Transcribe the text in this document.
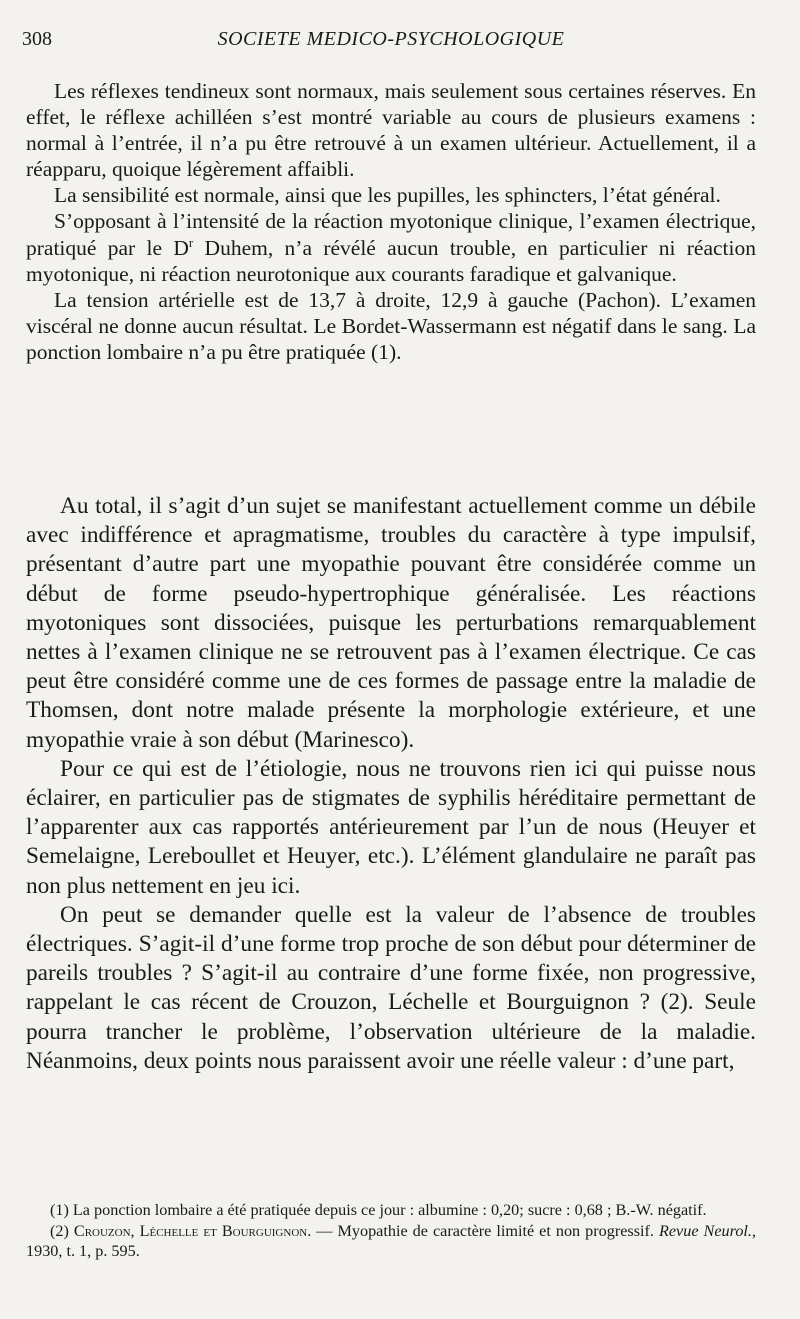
308	SOCIETE MEDICO-PSYCHOLOGIQUE

Les réflexes tendineux sont normaux, mais seulement sous certaines réserves. En effet, le réflexe achilléen s’est montré variable au cours de plusieurs examens : normal à l’entrée, il n’a pu être retrouvé à un examen ultérieur. Actuellement, il a réapparu, quoique légèrement affaibli.

La sensibilité est normale, ainsi que les pupilles, les sphincters, l’état général.

S’opposant à l’intensité de la réaction myotonique clinique, l’examen électrique, pratiqué par le $D^r$ Duhem, n’a révélé aucun trouble, en particulier ni réaction myotonique, ni réaction neurotonique aux courants faradique et galvanique.

La tension artérielle est de 13,7 à droite, 12,9 à gauche (Pachon). L’examen viscéral ne donne aucun résultat. Le Bordet-Wassermann est négatif dans le sang. La ponction lombaire n’a pu être pratiquée (1).

Au total, il s’agit d’un sujet se manifestant actuellement comme un débile avec indifférence et apragmatisme, troubles du caractère à type impulsif, présentant d’autre part une myopathie pouvant être considérée comme un début de forme pseudo-hypertrophique généralisée. Les réactions myotoniques sont dissociées, puisque les perturbations remarquablement nettes à l’examen clinique ne se retrouvent pas à l’examen électrique. Ce cas peut être considéré comme une de ces formes de passage entre la maladie de Thomsen, dont notre malade présente la morphologie extérieure, et une myopathie vraie à son début (Marinesco).

Pour ce qui est de l’étiologie, nous ne trouvons rien ici qui puisse nous éclairer, en particulier pas de stigmates de syphilis héréditaire permettant de l’apparenter aux cas rapportés antérieurement par l’un de nous (Heuyer et Semelaigne, Lereboullet et Heuyer, etc.). L’élément glandulaire ne paraît pas non plus nettement en jeu ici.

On peut se demander quelle est la valeur de l’absence de troubles électriques. S’agit-il d’une forme trop proche de son début pour déterminer de pareils troubles ? S’agit-il au contraire d’une forme fixée, non progressive, rappelant le cas récent de Crouzon, Léchelle et Bourguignon ? (2). Seule pourra trancher le problème, l’observation ultérieure de la maladie. Néanmoins, deux points nous paraissent avoir une réelle valeur : d’une part,

(1) La ponction lombaire a été pratiquée depuis ce jour : albumine : 0,20; sucre : 0,68 ; B.-W. négatif.

(2) Crouzon, Léchelle et Bourguignon. — Myopathie de caractère limité et non progressif. Revue Neurol., 1930, t. 1, p. 595.
